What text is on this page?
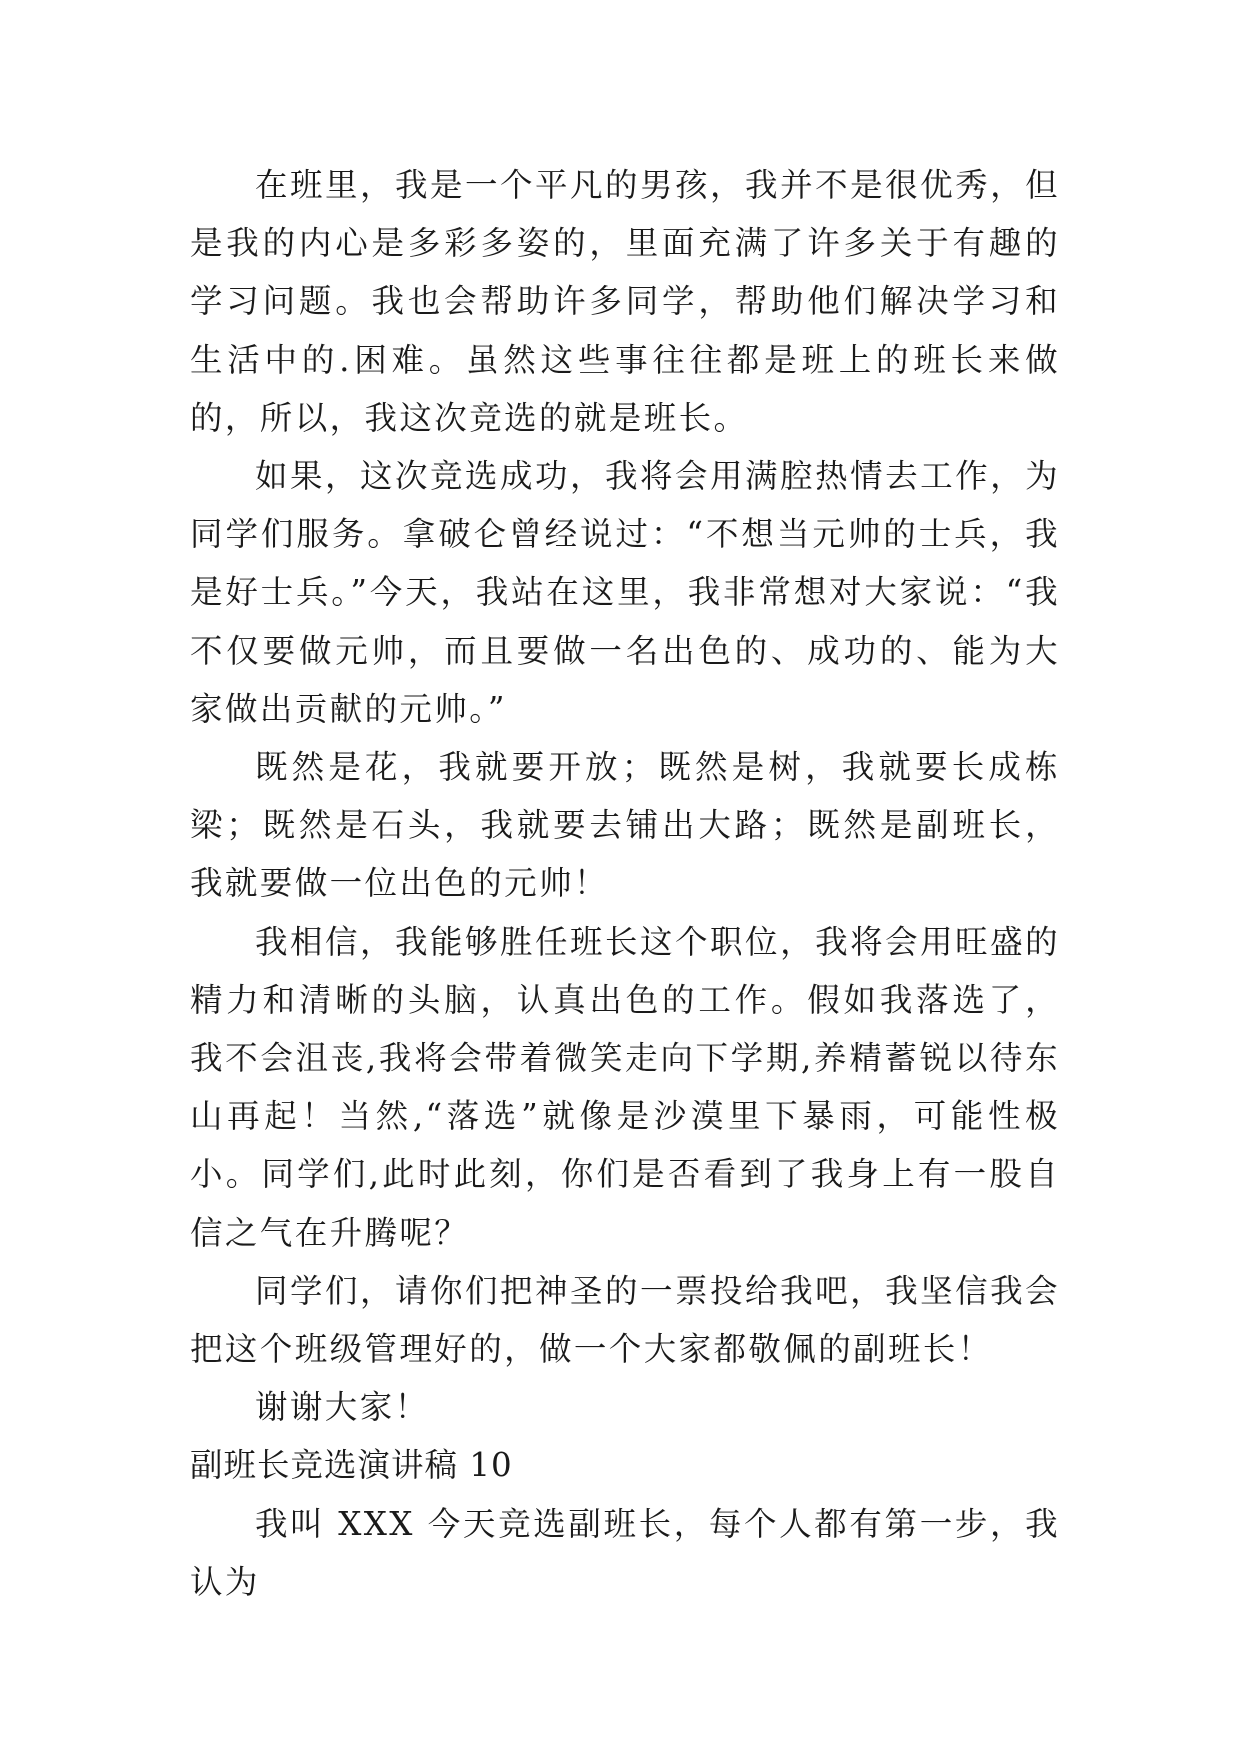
在班里，我是一个平凡的男孩，我并不是很优秀，但是我的内心是多彩多姿的，里面充满了许多关于有趣的学习问题。我也会帮助许多同学，帮助他们解决学习和生活中的.困难。虽然这些事往往都是班上的班长来做的，所以，我这次竞选的就是班长。

如果，这次竞选成功，我将会用满腔热情去工作，为同学们服务。拿破仑曾经说过：“不想当元帅的士兵，我是好士兵。”今天，我站在这里，我非常想对大家说：“我不仅要做元帅，而且要做一名出色的、成功的、能为大家做出贡献的元帅。”

既然是花，我就要开放；既然是树，我就要长成栋梁；既然是石头，我就要去铺出大路；既然是副班长，我就要做一位出色的元帅！

我相信，我能够胜任班长这个职位，我将会用旺盛的精力和清晰的头脑，认真出色的工作。假如我落选了，我不会沮丧,我将会带着微笑走向下学期,养精蓄锐以待东山再起！当然,“落选”就像是沙漠里下暴雨，可能性极小。同学们,此时此刻，你们是否看到了我身上有一股自信之气在升腾呢？

同学们，请你们把神圣的一票投给我吧，我坚信我会把这个班级管理好的，做一个大家都敬佩的副班长！

谢谢大家！

副班长竞选演讲稿 10

我叫 XXX 今天竞选副班长，每个人都有第一步，我认为
